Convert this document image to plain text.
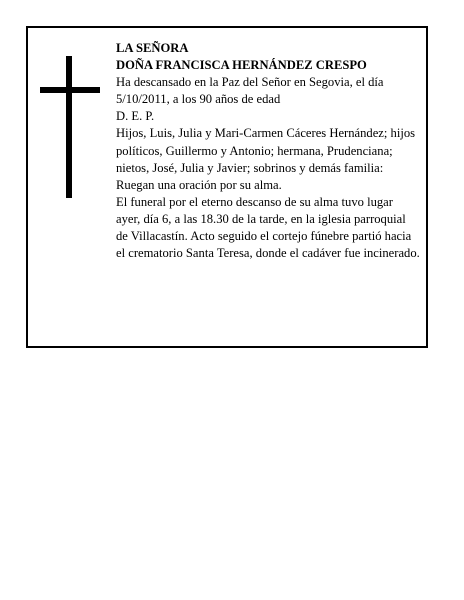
LA SEÑORA
DOÑA FRANCISCA HERNÁNDEZ CRESPO
Ha descansado en la Paz del Señor en Segovia, el día 5/10/2011, a los 90 años de edad
D. E. P.
Hijos, Luis, Julia y Mari-Carmen Cáceres Hernández; hijos políticos, Guillermo y Antonio; hermana, Prudenciana; nietos, José, Julia y Javier; sobrinos y demás familia:
Ruegan una oración por su alma.
El funeral por el eterno descanso de su alma tuvo lugar ayer, día 6, a las 18.30 de la tarde, en la iglesia parroquial de Villacastín. Acto seguido el cortejo fúnebre partió hacia el crematorio Santa Teresa, donde el cadáver fue incinerado.
